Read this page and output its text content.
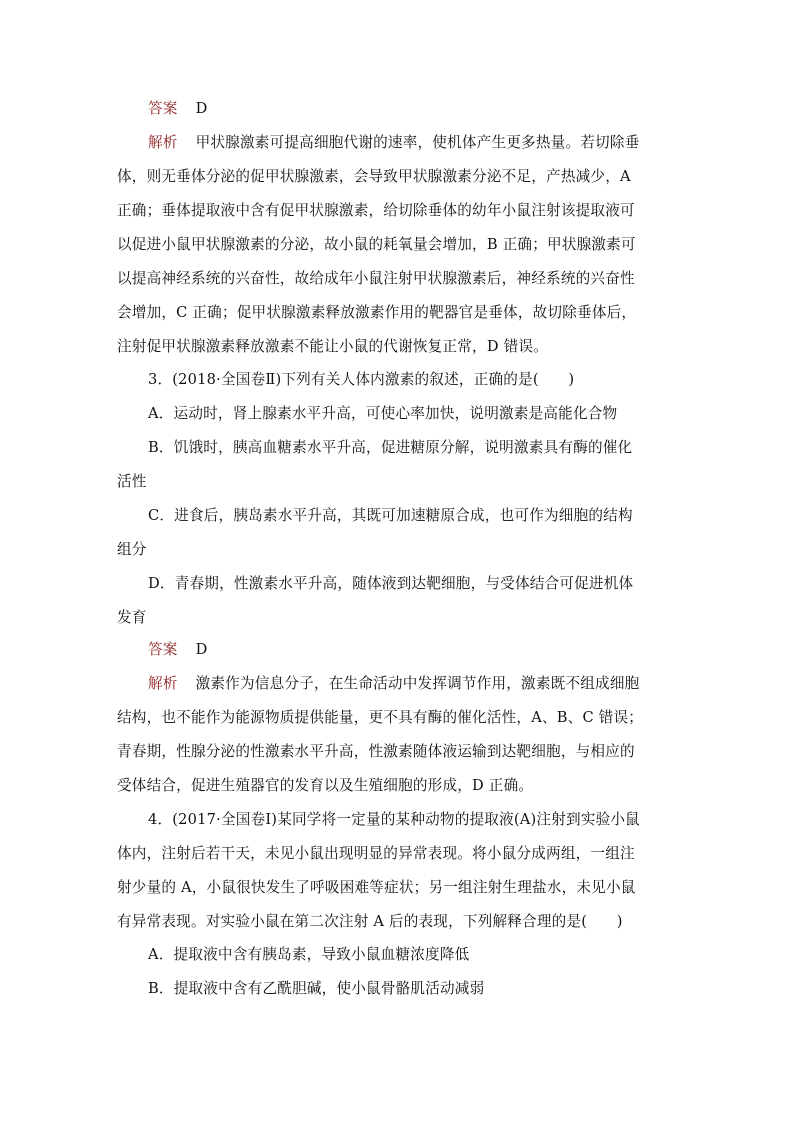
答案 D
解析 甲状腺激素可提高细胞代谢的速率，使机体产生更多热量。若切除垂
体，则无垂体分泌的促甲状腺激素，会导致甲状腺激素分泌不足，产热减少，A
正确；垂体提取液中含有促甲状腺激素，给切除垂体的幼年小鼠注射该提取液可
以促进小鼠甲状腺激素的分泌，故小鼠的耗氧量会增加，B 正确；甲状腺激素可
以提高神经系统的兴奋性，故给成年小鼠注射甲状腺激素后，神经系统的兴奋性
会增加，C 正确；促甲状腺激素释放激素作用的靶器官是垂体，故切除垂体后，
注射促甲状腺激素释放激素不能让小鼠的代谢恢复正常，D 错误。
3．(2018·全国卷Ⅱ)下列有关人体内激素的叙述，正确的是(　　)
A．运动时，肾上腺素水平升高，可使心率加快，说明激素是高能化合物
B．饥饿时，胰高血糖素水平升高，促进糖原分解，说明激素具有酶的催化
活性
C．进食后，胰岛素水平升高，其既可加速糖原合成，也可作为细胞的结构
组分
D．青春期，性激素水平升高，随体液到达靶细胞，与受体结合可促进机体
发育
答案 D
解析 激素作为信息分子，在生命活动中发挥调节作用，激素既不组成细胞
结构，也不能作为能源物质提供能量，更不具有酶的催化活性，A、B、C 错误；
青春期，性腺分泌的性激素水平升高，性激素随体液运输到达靶细胞，与相应的
受体结合，促进生殖器官的发育以及生殖细胞的形成，D 正确。
4．(2017·全国卷Ⅰ)某同学将一定量的某种动物的提取液(A)注射到实验小鼠
体内，注射后若干天，未见小鼠出现明显的异常表现。将小鼠分成两组，一组注
射少量的 A，小鼠很快发生了呼吸困难等症状；另一组注射生理盐水，未见小鼠
有异常表现。对实验小鼠在第二次注射 A 后的表现，下列解释合理的是(　　)
A．提取液中含有胰岛素，导致小鼠血糖浓度降低
B．提取液中含有乙酰胆碱，使小鼠骨骼肌活动减弱
